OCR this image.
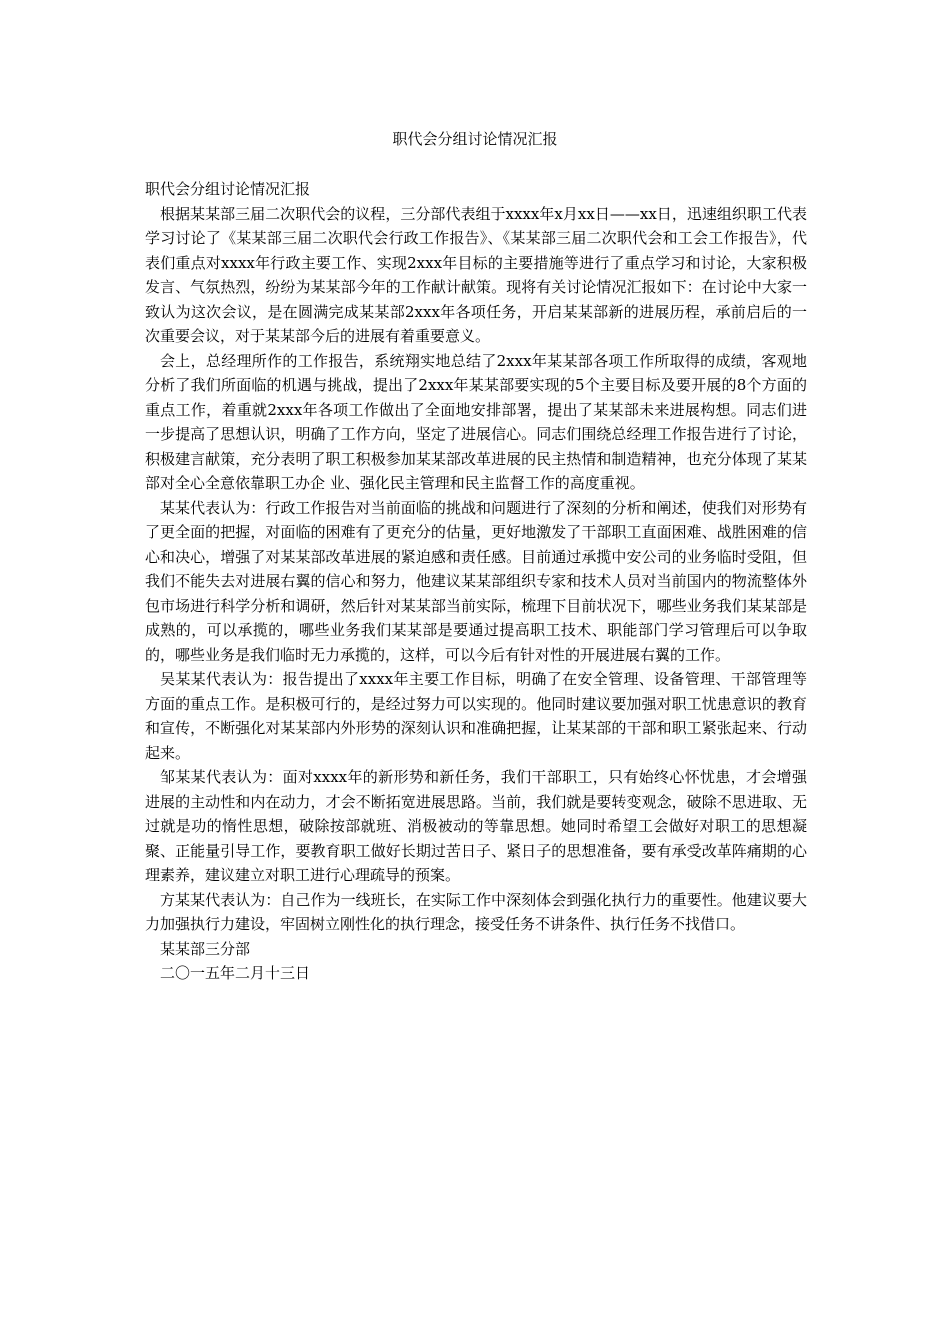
职代会分组讨论情况汇报

职代会分组讨论情况汇报

根据某某部三届二次职代会的议程，三分部代表组于xxxx年x月xx日——xx日，迅速组织职工代表学习讨论了《某某部三届二次职代会行政工作报告》、《某某部三届二次职代会和工会工作报告》，代表们重点对xxxx年行政主要工作、实现2xxx年目标的主要措施等进行了重点学习和讨论，大家积极发言、气氛热烈，纷纷为某某部今年的工作献计献策。现将有关讨论情况汇报如下：在讨论中大家一致认为这次会议，是在圆满完成某某部2xxx年各项任务，开启某某部新的进展历程，承前启后的一次重要会议，对于某某部今后的进展有着重要意义。

会上，总经理所作的工作报告，系统翔实地总结了2xxx年某某部各项工作所取得的成绩，客观地分析了我们所面临的机遇与挑战，提出了2xxx年某某部要实现的5个主要目标及要开展的8个方面的重点工作，着重就2xxx年各项工作做出了全面地安排部署，提出了某某部未来进展构想。同志们进一步提高了思想认识，明确了工作方向，坚定了进展信心。同志们围绕总经理工作报告进行了讨论，积极建言献策，充分表明了职工积极参加某某部改革进展的民主热情和制造精神，也充分体现了某某部对全心全意依靠职工办企 业、强化民主管理和民主监督工作的高度重视。

某某代表认为：行政工作报告对当前面临的挑战和问题进行了深刻的分析和阐述，使我们对形势有了更全面的把握，对面临的困难有了更充分的估量，更好地激发了干部职工直面困难、战胜困难的信心和决心，增强了对某某部改革进展的紧迫感和责任感。目前通过承揽中安公司的业务临时受阻，但我们不能失去对进展右翼的信心和努力，他建议某某部组织专家和技术人员对当前国内的物流整体外包市场进行科学分析和调研，然后针对某某部当前实际，梳理下目前状况下，哪些业务我们某某部是成熟的，可以承揽的，哪些业务我们某某部是要通过提高职工技术、职能部门学习管理后可以争取的，哪些业务是我们临时无力承揽的，这样，可以今后有针对性的开展进展右翼的工作。

吴某某代表认为：报告提出了xxxx年主要工作目标，明确了在安全管理、设备管理、干部管理等方面的重点工作。是积极可行的，是经过努力可以实现的。他同时建议要加强对职工忧患意识的教育和宣传，不断强化对某某部内外形势的深刻认识和准确把握，让某某部的干部和职工紧张起来、行动起来。

邹某某代表认为：面对xxxx年的新形势和新任务，我们干部职工，只有始终心怀忧患，才会增强进展的主动性和内在动力，才会不断拓宽进展思路。当前，我们就是要转变观念，破除不思进取、无过就是功的惰性思想，破除按部就班、消极被动的等靠思想。她同时希望工会做好对职工的思想凝聚、正能量引导工作，要教育职工做好长期过苦日子、紧日子的思想准备，要有承受改革阵痛期的心理素养，建议建立对职工进行心理疏导的预案。

方某某代表认为：自己作为一线班长，在实际工作中深刻体会到强化执行力的重要性。他建议要大力加强执行力建设，牢固树立刚性化的执行理念，接受任务不讲条件、执行任务不找借口。

某某部三分部

二〇一五年二月十三日
